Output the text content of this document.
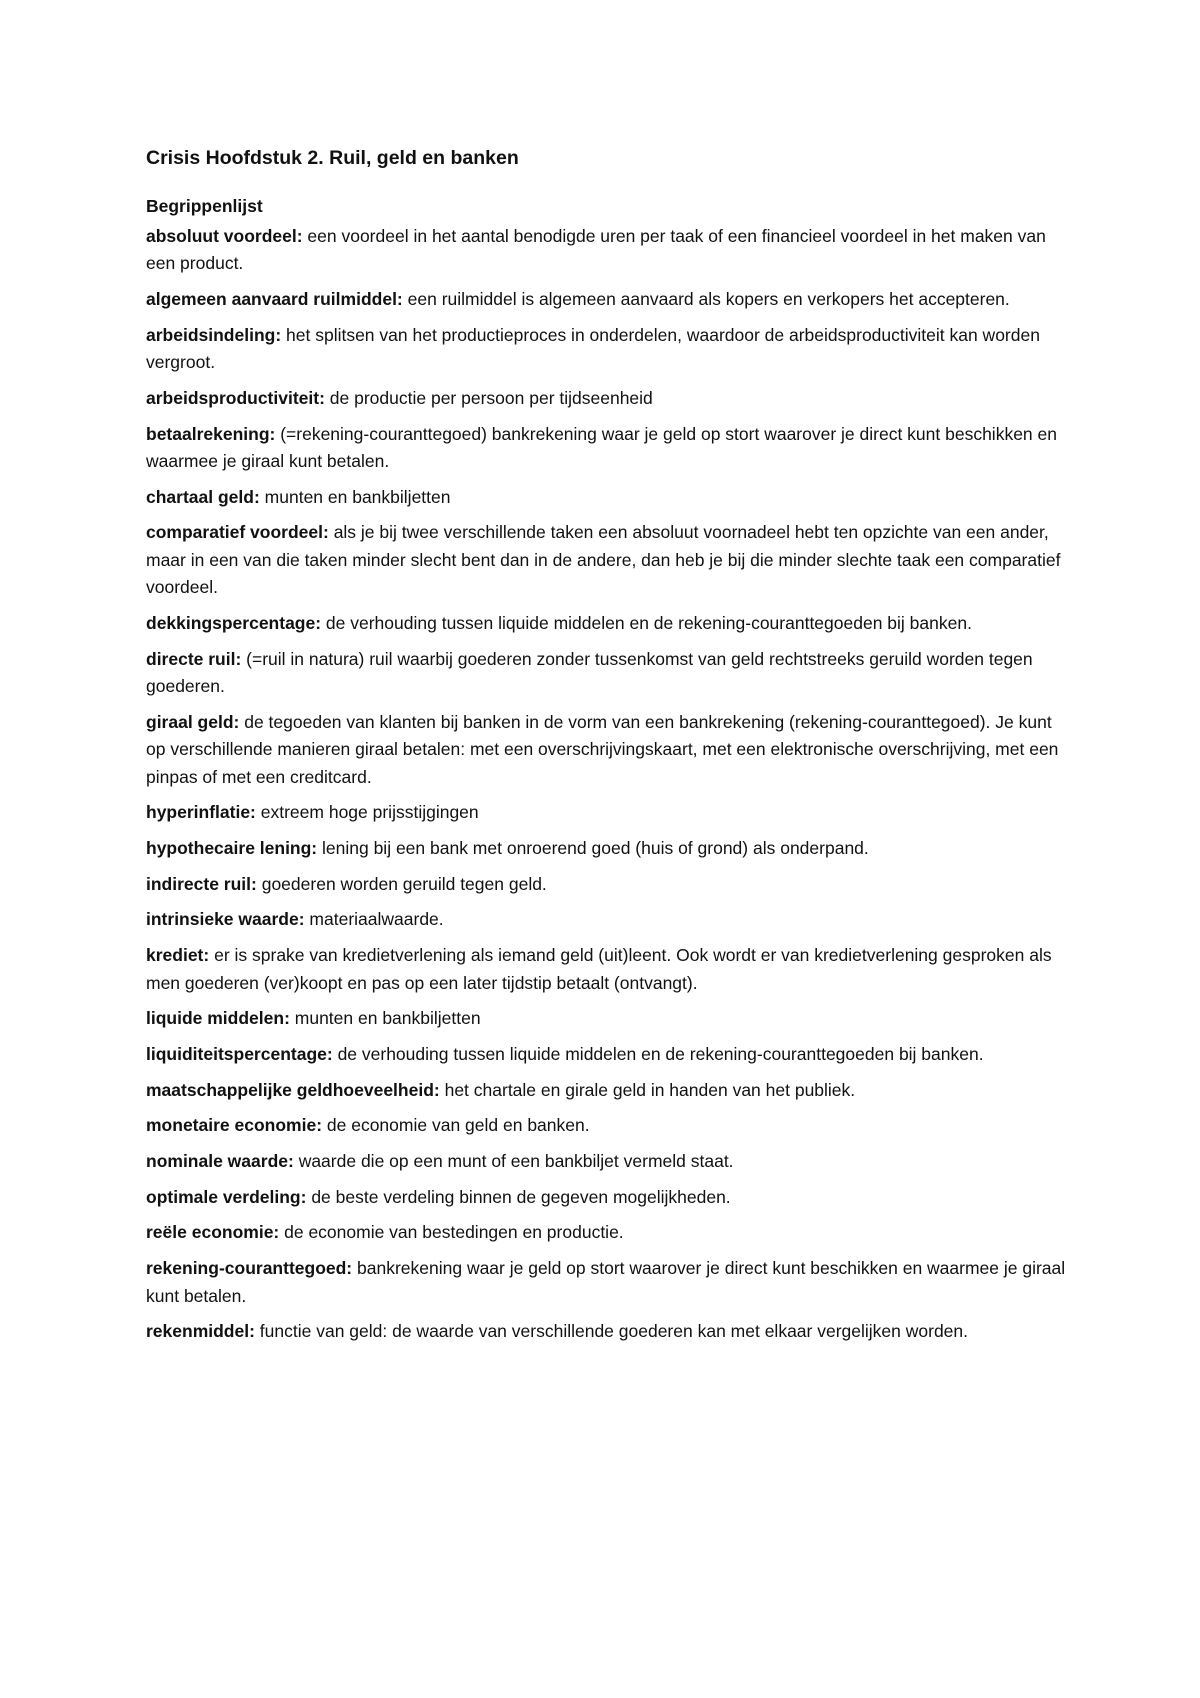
Crisis Hoofdstuk 2. Ruil, geld en banken
Begrippenlijst
absoluut voordeel: een voordeel in het aantal benodigde uren per taak of een financieel voordeel in het maken van een product.
algemeen aanvaard ruilmiddel: een ruilmiddel is algemeen aanvaard als kopers en verkopers het accepteren.
arbeidsindeling: het splitsen van het productieproces in onderdelen, waardoor de arbeidsproductiviteit kan worden vergroot.
arbeidsproductiviteit: de productie per persoon per tijdseenheid
betaalrekening: (=rekening-couranttegoed) bankrekening waar je geld op stort waarover je direct kunt beschikken en waarmee je giraal kunt betalen.
chartaal geld: munten en bankbiljetten
comparatief voordeel: als je bij twee verschillende taken een absoluut voornadeel hebt ten opzichte van een ander, maar in een van die taken minder slecht bent dan in de andere, dan heb je bij die minder slechte taak een comparatief voordeel.
dekkingspercentage: de verhouding tussen liquide middelen en de rekening-couranttegoeden bij banken.
directe ruil: (=ruil in natura) ruil waarbij goederen zonder tussenkomst van geld rechtstreeks geruild worden tegen goederen.
giraal geld: de tegoeden van klanten bij banken in de vorm van een bankrekening (rekening-couranttegoed). Je kunt op verschillende manieren giraal betalen: met een overschrijvingskaart, met een elektronische overschrijving, met een pinpas of met een creditcard.
hyperinflatie: extreem hoge prijsstijgingen
hypothecaire lening: lening bij een bank met onroerend goed (huis of grond) als onderpand.
indirecte ruil: goederen worden geruild tegen geld.
intrinsieke waarde: materiaalwaarde.
krediet: er is sprake van kredietverlening als iemand geld (uit)leent. Ook wordt er van kredietverlening gesproken als men goederen (ver)koopt en pas op een later tijdstip betaalt (ontvangt).
liquide middelen: munten en bankbiljetten
liquiditeitspercentage: de verhouding tussen liquide middelen en de rekening-couranttegoeden bij banken.
maatschappelijke geldhoeveelheid: het chartale en girale geld in handen van het publiek.
monetaire economie: de economie van geld en banken.
nominale waarde: waarde die op een munt of een bankbiljet vermeld staat.
optimale verdeling: de beste verdeling binnen de gegeven mogelijkheden.
reële economie: de economie van bestedingen en productie.
rekening-couranttegoed: bankrekening waar je geld op stort waarover je direct kunt beschikken en waarmee je giraal kunt betalen.
rekenmiddel: functie van geld: de waarde van verschillende goederen kan met elkaar vergelijken worden.
